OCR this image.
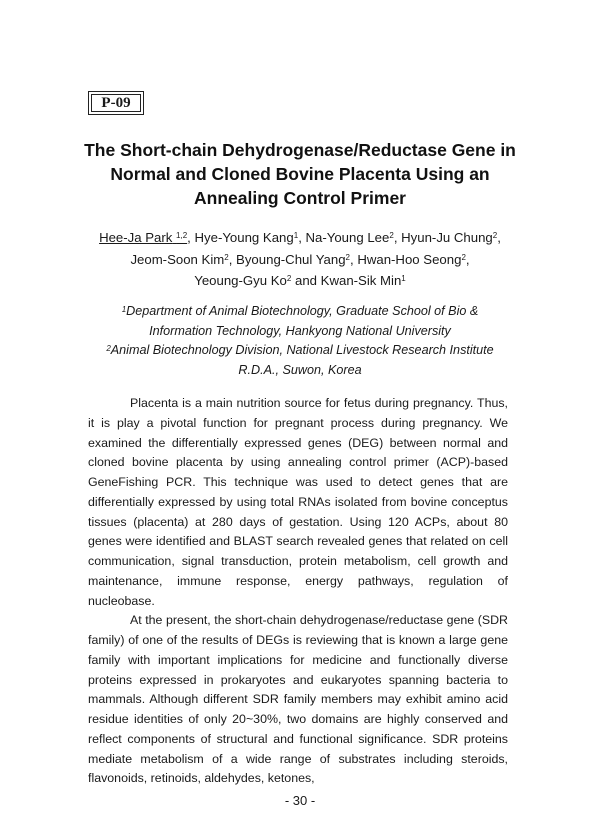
P-09
The Short-chain Dehydrogenase/Reductase Gene in
Normal and Cloned Bovine Placenta Using an
Annealing Control Primer
Hee-Ja Park $^{1,2}$, Hye-Young Kang$^1$, Na-Young Lee$^2$, Hyun-Ju Chung$^2$,
Jeom-Soon Kim$^2$, Byoung-Chul Yang$^2$, Hwan-Hoo Seong$^2$,
Yeoung-Gyu Ko$^2$ and Kwan-Sik Min$^1$
$^1$Department of Animal Biotechnology, Graduate School of Bio &
Information Technology, Hankyong National University
$^2$Animal Biotechnology Division, National Livestock Research Institute
R.D.A., Suwon, Korea

Placenta is a main nutrition source for fetus during pregnancy. Thus, it is play a pivotal function for pregnant process during pregnancy. We examined the differentially expressed genes (DEG) between normal and cloned bovine placenta by using annealing control primer (ACP)-based GeneFishing PCR. This technique was used to detect genes that are differentially expressed by using total RNAs isolated from bovine conceptus tissues (placenta) at 280 days of gestation. Using 120 ACPs, about 80 genes were identified and BLAST search revealed genes that related on cell communication, signal transduction, protein metabolism, cell growth and maintenance, immune response, energy pathways, regulation of nucleobase.

At the present, the short-chain dehydrogenase/reductase gene (SDR family) of one of the results of DEGs is reviewing that is known a large gene family with important implications for medicine and functionally diverse proteins expressed in prokaryotes and eukaryotes spanning bacteria to mammals. Although different SDR family members may exhibit amino acid residue identities of only 20~30%, two domains are highly conserved and reflect components of structural and functional significance. SDR proteins mediate metabolism of a wide range of substrates including steroids, flavonoids, retinoids, aldehydes, ketones,

- 30 -
